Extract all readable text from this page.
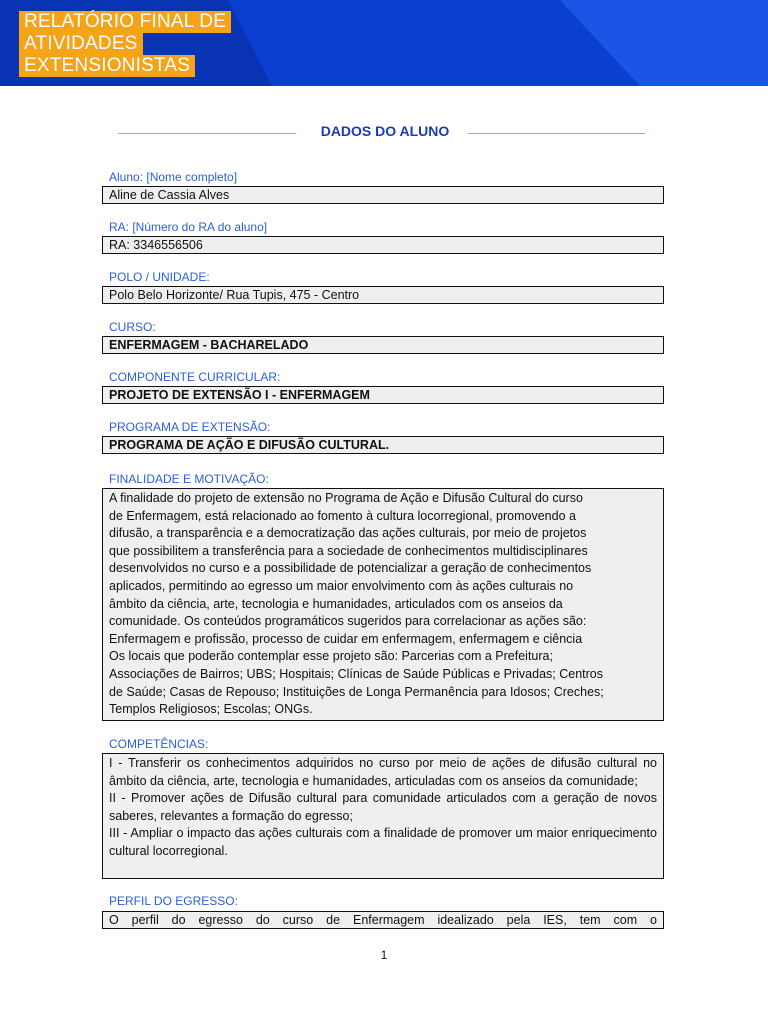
RELATÓRIO FINAL DE
ATIVIDADES
EXTENSIONISTAS
DADOS DO ALUNO
Aluno: [Nome completo]
Aline de Cassia Alves
RA: [Número do RA do aluno]
RA: 3346556506
POLO / UNIDADE:
Polo Belo Horizonte/ Rua Tupis, 475 - Centro
CURSO:
ENFERMAGEM - BACHARELADO
COMPONENTE CURRICULAR:
PROJETO DE EXTENSÃO I - ENFERMAGEM
PROGRAMA DE EXTENSÃO:
PROGRAMA DE AÇÃO E DIFUSÃO CULTURAL.
FINALIDADE E MOTIVAÇÃO:
A finalidade do projeto de extensão no Programa de Ação e Difusão Cultural do curso
de Enfermagem, está relacionado ao fomento à cultura locorregional, promovendo a
difusão, a transparência e a democratização das ações culturais, por meio de projetos
que possibilitem a transferência para a sociedade de conhecimentos multidisciplinares
desenvolvidos no curso e a possibilidade de potencializar a geração de conhecimentos
aplicados, permitindo ao egresso um maior envolvimento com às ações culturais no
âmbito da ciência, arte, tecnologia e humanidades, articulados com os anseios da
comunidade. Os conteúdos programáticos sugeridos para correlacionar as ações são:
Enfermagem e profissão, processo de cuidar em enfermagem, enfermagem e ciência
Os locais que poderão contemplar esse projeto são: Parcerias com a Prefeitura;
Associações de Bairros; UBS; Hospitais; Clínicas de Saúde Públicas e Privadas; Centros
de Saúde; Casas de Repouso; Instituições de Longa Permanência para Idosos; Creches;
Templos Religiosos; Escolas; ONGs.
COMPETÊNCIAS:
I - Transferir os conhecimentos adquiridos no curso por meio de ações de difusão cultural no âmbito da ciência, arte, tecnologia e humanidades, articuladas com os anseios da comunidade;
II - Promover ações de Difusão cultural para comunidade articulados com a geração de novos saberes, relevantes a formação do egresso;
III - Ampliar o impacto das ações culturais com a finalidade de promover um maior enriquecimento cultural locorregional.
PERFIL DO EGRESSO:
O perfil do egresso do curso de Enfermagem idealizado pela IES, tem com o
1
